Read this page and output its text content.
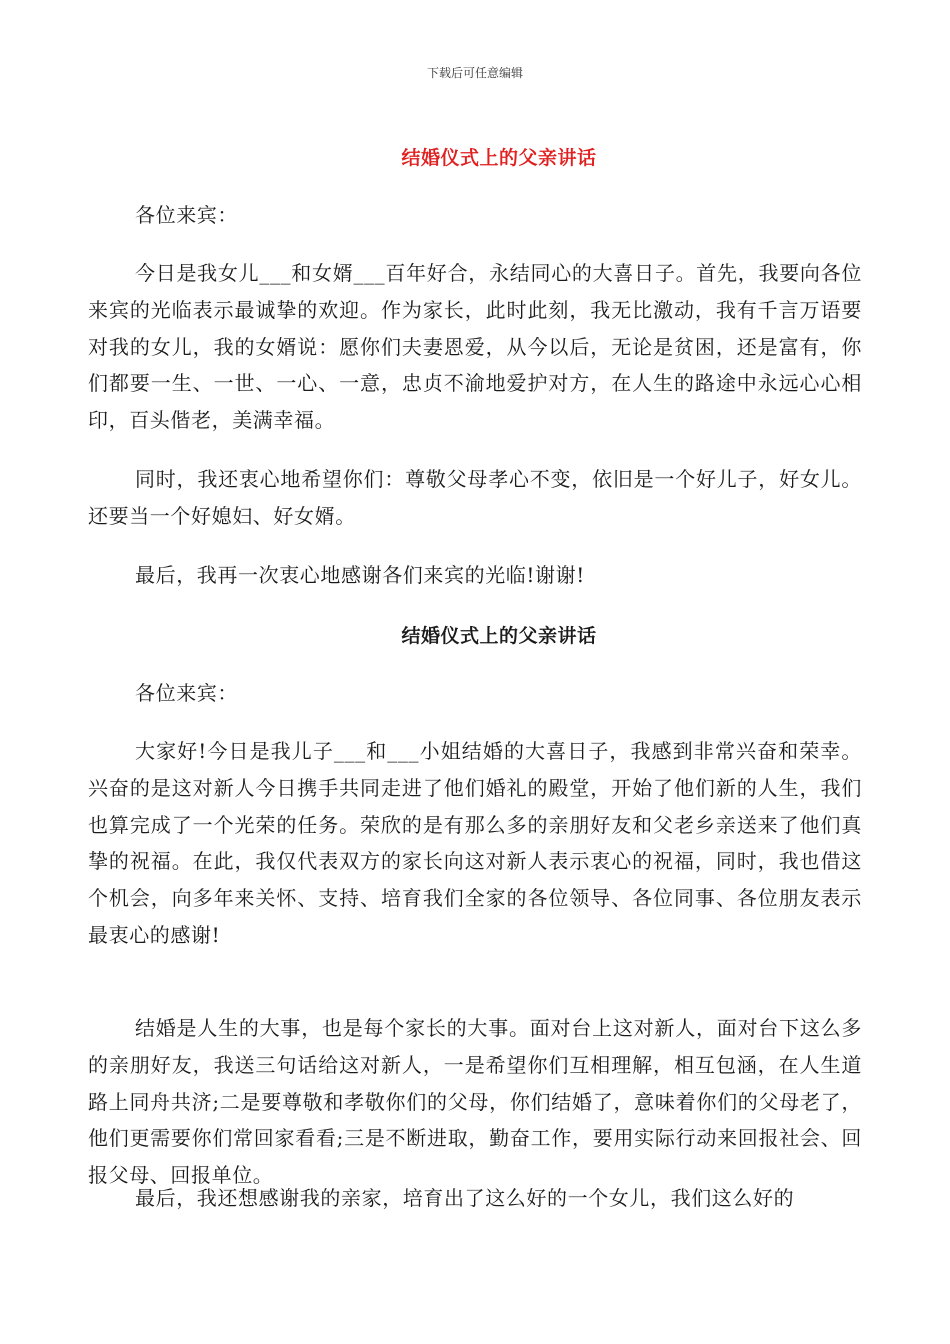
下载后可任意编辑
结婚仪式上的父亲讲话
各位来宾：
今日是我女儿___和女婿___百年好合，永结同心的大喜日子。首先，我要向各位来宾的光临表示最诚挚的欢迎。作为家长，此时此刻，我无比激动，我有千言万语要对我的女儿，我的女婿说：愿你们夫妻恩爱，从今以后，无论是贫困，还是富有，你们都要一生、一世、一心、一意，忠贞不渝地爱护对方，在人生的路途中永远心心相印，百头偕老，美满幸福。
同时，我还衷心地希望你们：尊敬父母孝心不变，依旧是一个好儿子，好女儿。还要当一个好媳妇、好女婿。
最后，我再一次衷心地感谢各们来宾的光临!谢谢!
结婚仪式上的父亲讲话
各位来宾：
大家好!今日是我儿子___和___小姐结婚的大喜日子，我感到非常兴奋和荣幸。兴奋的是这对新人今日携手共同走进了他们婚礼的殿堂，开始了他们新的人生，我们也算完成了一个光荣的任务。荣欣的是有那么多的亲朋好友和父老乡亲送来了他们真挚的祝福。在此，我仅代表双方的家长向这对新人表示衷心的祝福，同时，我也借这个机会，向多年来关怀、支持、培育我们全家的各位领导、各位同事、各位朋友表示最衷心的感谢!
结婚是人生的大事，也是每个家长的大事。面对台上这对新人，面对台下这么多的亲朋好友，我送三句话给这对新人，一是希望你们互相理解，相互包涵，在人生道路上同舟共济;二是要尊敬和孝敬你们的父母，你们结婚了，意味着你们的父母老了，他们更需要你们常回家看看;三是不断进取，勤奋工作，要用实际行动来回报社会、回报父母、回报单位。
最后，我还想感谢我的亲家，培育出了这么好的一个女儿，我们这么好的
